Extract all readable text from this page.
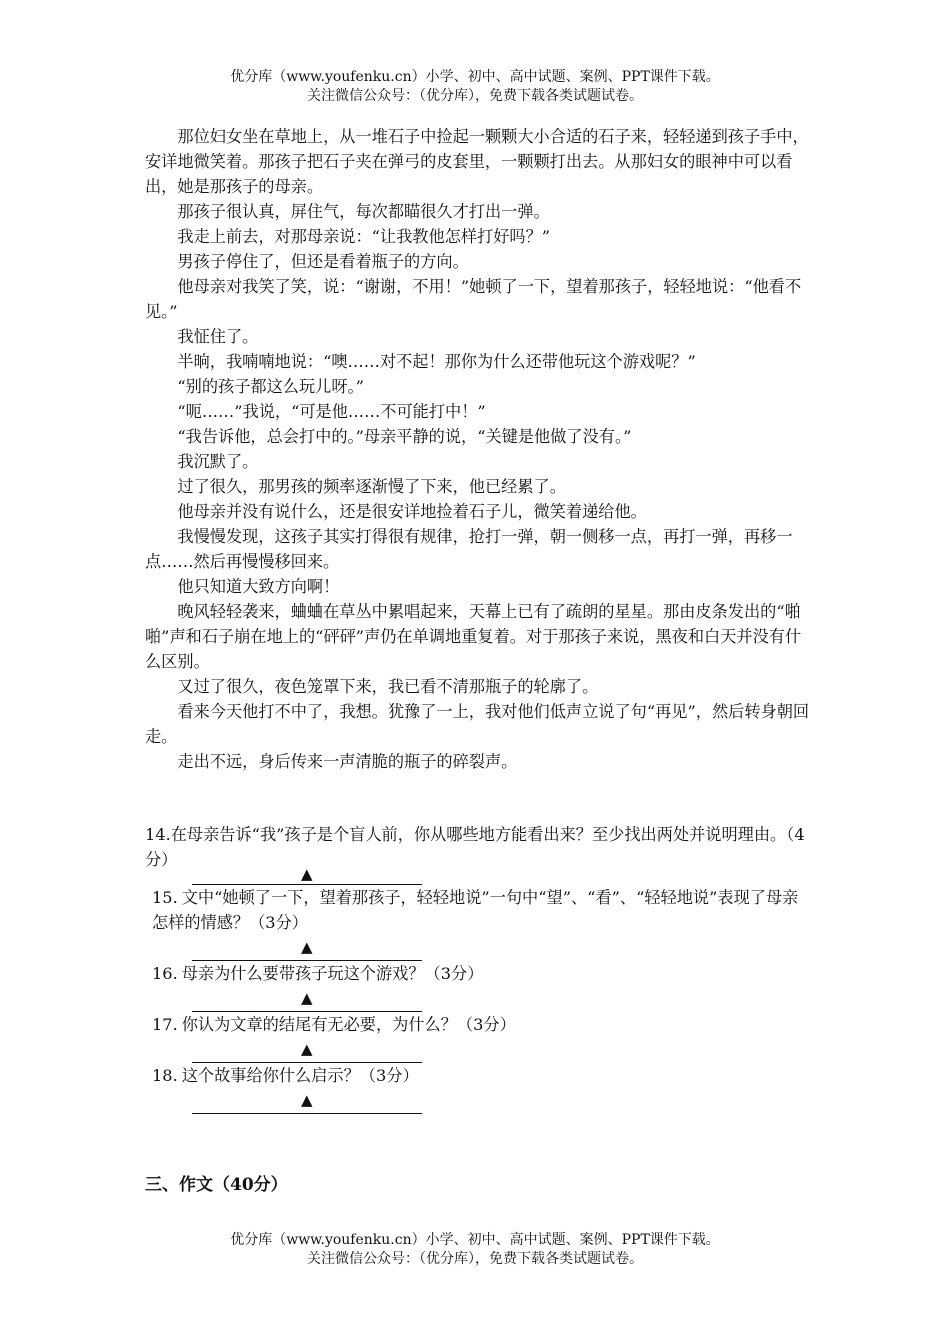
优分库（www.youfenku.cn）小学、初中、高中试题、案例、PPT课件下载。
关注微信公众号：（优分库），免费下载各类试题试卷。

那位妇女坐在草地上，从一堆石子中捡起一颗颗大小合适的石子来，轻轻递到孩子手中，安详地微笑着。那孩子把石子夹在弹弓的皮套里，一颗颗打出去。从那妇女的眼神中可以看出，她是那孩子的母亲。

那孩子很认真，屏住气，每次都瞄很久才打出一弹。

我走上前去，对那母亲说：“让我教他怎样打好吗？”

男孩子停住了，但还是看着瓶子的方向。

他母亲对我笑了笑，说：“谢谢，不用！”她顿了一下，望着那孩子，轻轻地说：“他看不见。”

我怔住了。

半晌，我喃喃地说：“噢……对不起！那你为什么还带他玩这个游戏呢？”

“别的孩子都这么玩儿呀。”

“呃……”我说，“可是他……不可能打中！”

“我告诉他，总会打中的。”母亲平静的说，“关键是他做了没有。”

我沉默了。

过了很久，那男孩的频率逐渐慢了下来，他已经累了。

他母亲并没有说什么，还是很安详地捡着石子儿，微笑着递给他。

我慢慢发现，这孩子其实打得很有规律，抢打一弹，朝一侧移一点，再打一弹，再移一点……然后再慢慢移回来。

他只知道大致方向啊！

晚风轻轻袭来，蛐蛐在草丛中累唱起来，天幕上已有了疏朗的星星。那由皮条发出的“啪啪”声和石子崩在地上的“砰砰”声仍在单调地重复着。对于那孩子来说，黑夜和白天并没有什么区别。

又过了很久，夜色笼罩下来，我已看不清那瓶子的轮廓了。

看来今天他打不中了，我想。犹豫了一上，我对他们低声立说了句“再见”，然后转身朝回走。

走出不远，身后传来一声清脆的瓶子的碎裂声。

14.在母亲告诉“我”孩子是个盲人前，你从哪些地方能看出来？至少找出两处并说明理由。（4分）

▲

15. 文中“她顿了一下，望着那孩子，轻轻地说”一句中“望”、“看”、“轻轻地说”表现了母亲怎样的情感？（3分）

▲

16. 母亲为什么要带孩子玩这个游戏？（3分）

▲

17. 你认为文章的结尾有无必要，为什么？（3分）

▲

18. 这个故事给你什么启示？（3分）

▲
三、作文（40分）
优分库（www.youfenku.cn）小学、初中、高中试题、案例、PPT课件下载。
关注微信公众号：（优分库），免费下载各类试题试卷。
